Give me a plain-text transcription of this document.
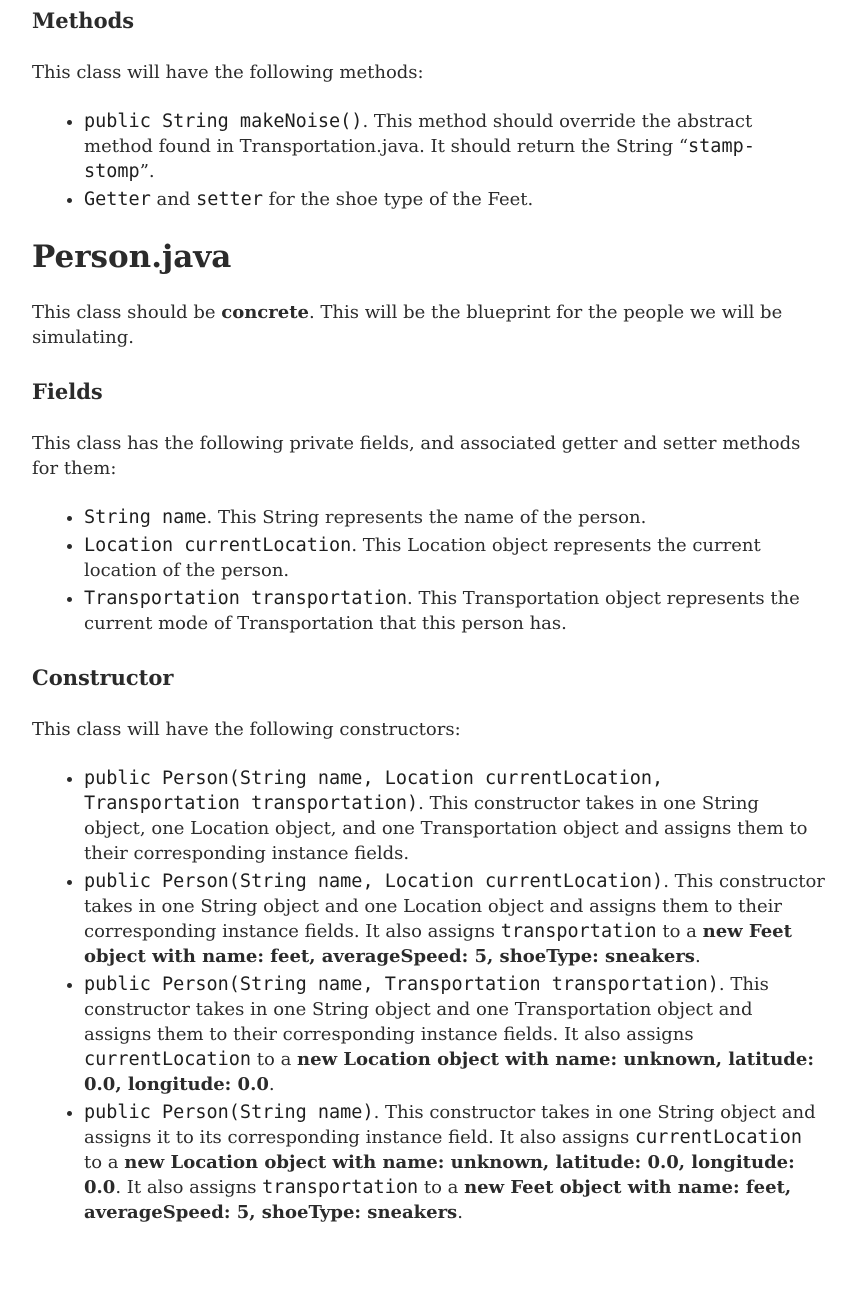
Methods

This class will have the following methods:

• public String makeNoise(). This method should override the abstract method found in Transportation.java. It should return the String “stamp-stomp”.
• Getter and setter for the shoe type of the Feet.
Person.java

This class should be concrete. This will be the blueprint for the people we will be simulating.

Fields

This class has the following private fields, and associated getter and setter methods for them:

• String name. This String represents the name of the person.
• Location currentLocation. This Location object represents the current location of the person.
• Transportation transportation. This Transportation object represents the current mode of Transportation that this person has.
Constructor

This class will have the following constructors:

• public Person(String name, Location currentLocation, Transportation transportation). This constructor takes in one String object, one Location object, and one Transportation object and assigns them to their corresponding instance fields.
• public Person(String name, Location currentLocation). This constructor takes in one String object and one Location object and assigns them to their corresponding instance fields. It also assigns transportation to a new Feet object with name: feet, averageSpeed: 5, shoeType: sneakers.
• public Person(String name, Transportation transportation). This constructor takes in one String object and one Transportation object and assigns them to their corresponding instance fields. It also assigns currentLocation to a new Location object with name: unknown, latitude: 0.0, longitude: 0.0.
• public Person(String name). This constructor takes in one String object and assigns it to its corresponding instance field. It also assigns currentLocation to a new Location object with name: unknown, latitude: 0.0, longitude: 0.0. It also assigns transportation to a new Feet object with name: feet, averageSpeed: 5, shoeType: sneakers.
